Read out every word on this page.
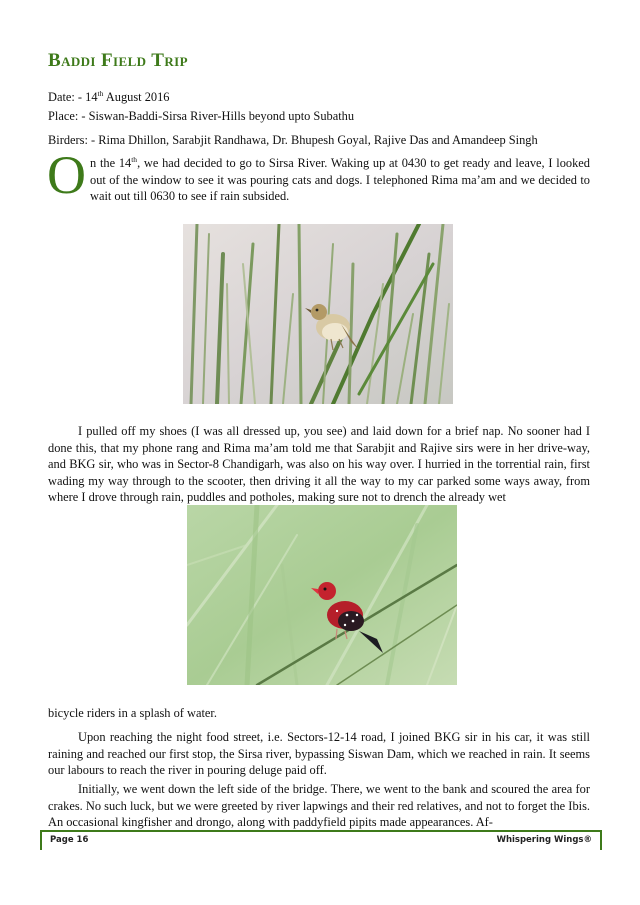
Baddi Field Trip

Date: - 14th August 2016

Place: - Siswan-Baddi-Sirsa River-Hills beyond upto Subathu

Birders: - Rima Dhillon, Sarabjit Randhawa, Dr. Bhupesh Goyal, Rajive Das and Amandeep Singh

On the 14th, we had decided to go to Sirsa River. Waking up at 0430 to get ready and leave, I looked out of the window to see it was pouring cats and dogs. I telephoned Rima ma’am and we decided to wait out till 0630 to see if rain subsided.

I pulled off my shoes (I was all dressed up, you see) and laid down for a brief nap. No sooner had I done this, that my phone rang and Rima ma’am told me that Sarabjit and Rajive sirs were in her drive-way, and BKG sir, who was in Sector-8 Chandigarh, was also on his way over. I hurried in the torrential rain, first wading my way through to the scooter, then driving it all the way to my car parked some ways away, from where I drove through rain, puddles and potholes, making sure not to drench the already wet

bicycle riders in a splash of water.

Upon reaching the night food street, i.e. Sectors-12-14 road, I joined BKG sir in his car, it was still raining and reached our first stop, the Sirsa river, bypassing Siswan Dam, which we reached in rain. It seems our labours to reach the river in pouring deluge paid off.

Initially, we went down the left side of the bridge. There, we went to the bank and scoured the area for crakes. No such luck, but we were greeted by river lapwings and their red relatives, and not to forget the Ibis. An occasional kingfisher and drongo, along with paddyfield pipits made appearances. Af-

Page 16	Whispering Wings®
